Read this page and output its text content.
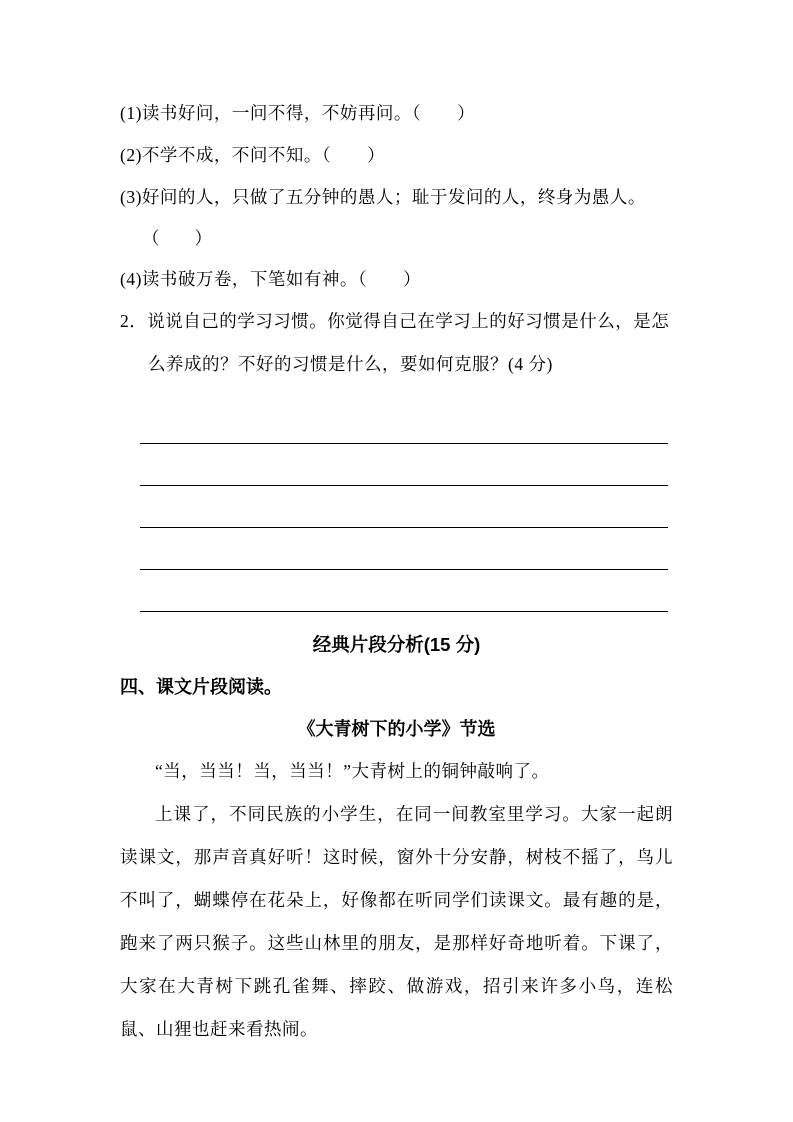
(1)读书好问，一问不得，不妨再问。（　　）
(2)不学不成，不问不知。（　　）
(3)好问的人，只做了五分钟的愚人；耻于发问的人，终身为愚人。
（　　）
(4)读书破万卷，下笔如有神。（　　）
2．说说自己的学习习惯。你觉得自己在学习上的好习惯是什么，是怎么养成的？不好的习惯是什么，要如何克服？(4 分)
经典片段分析(15 分)
四、课文片段阅读。
《大青树下的小学》节选

“当，当当！当，当当！”大青树上的铜钟敲响了。

上课了，不同民族的小学生，在同一间教室里学习。大家一起朗读课文，那声音真好听！这时候，窗外十分安静，树枝不摇了，鸟儿不叫了，蝴蝶停在花朵上，好像都在听同学们读课文。最有趣的是，跑来了两只猴子。这些山林里的朋友，是那样好奇地听着。下课了，大家在大青树下跳孔雀舞、摔跤、做游戏，招引来许多小鸟，连松鼠、山狸也赶来看热闹。
